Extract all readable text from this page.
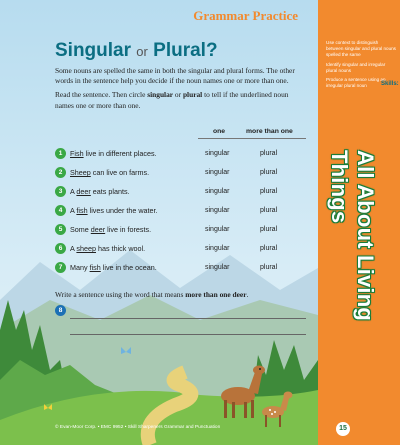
Grammar Practice
Skills:

Use context to distinguish between singular and plural nouns spelled the same

Identify singular and irregular plural nouns

Produce a sentence using an irregular plural noun

All About Living Things
15
Singular or Plural?

Some nouns are spelled the same in both the singular and plural forms. The other words in the sentence help you decide if the noun names one or more than one.

Read the sentence. Then circle singular or plural to tell if the underlined noun names one or more than one.

one	more than one
1	Fish live in different places.	singular	plural
2	Sheep can live on farms.	singular	plural
3	A deer eats plants.	singular	plural
4	A fish lives under the water.	singular	plural
5	Some deer live in forests.	singular	plural
6	A sheep has thick wool.	singular	plural
7	Many fish live in the ocean.	singular	plural
Write a sentence using the word that means more than one deer.
8
© Evan-Moor Corp. • EMC 9952 • Skill Sharpeners Grammar and Punctuation
